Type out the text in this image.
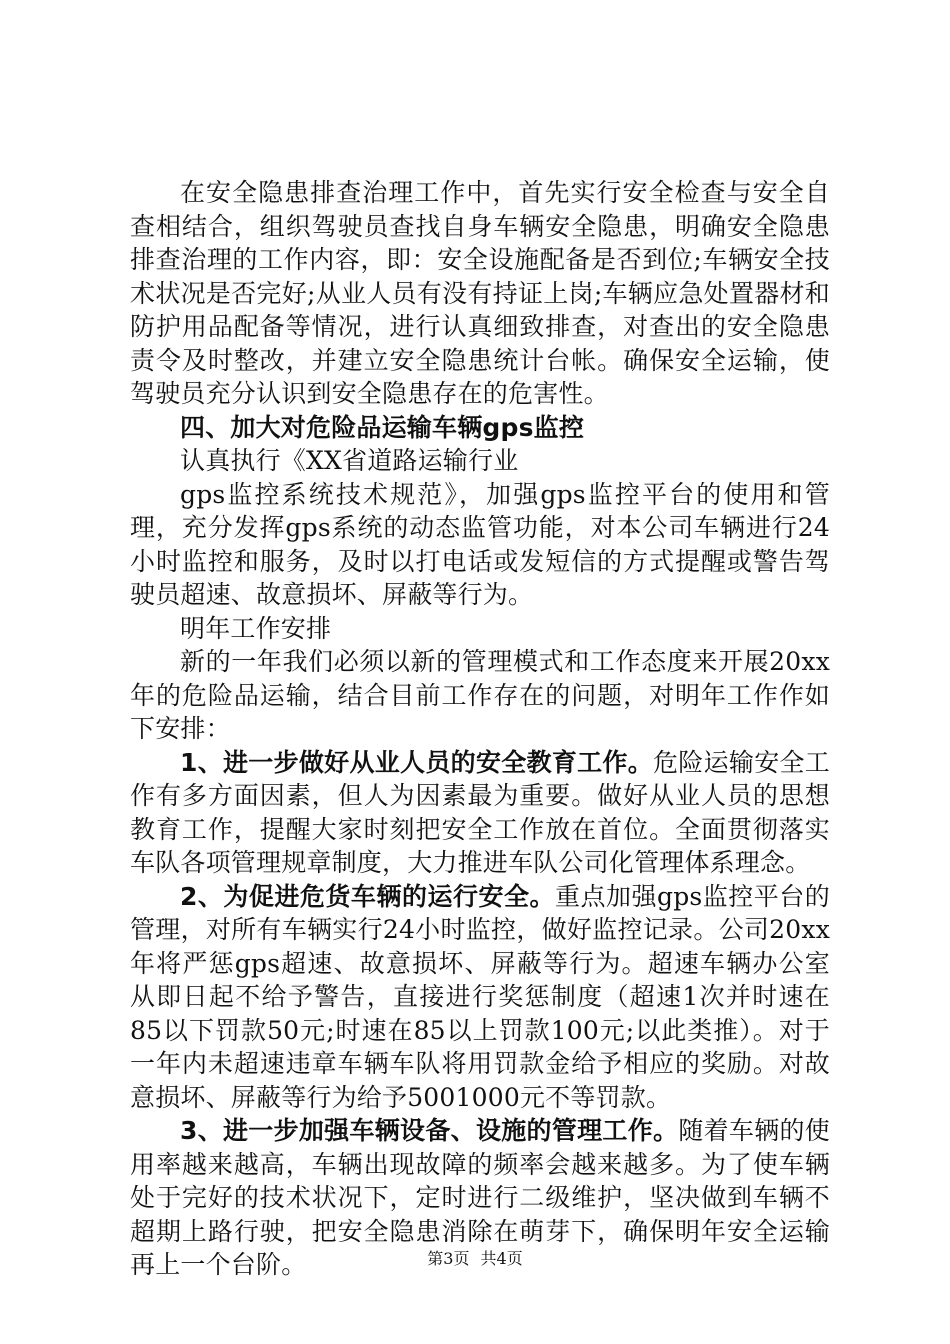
在安全隐患排查治理工作中，首先实行安全检查与安全自查相结合，组织驾驶员查找自身车辆安全隐患，明确安全隐患排查治理的工作内容，即：安全设施配备是否到位;车辆安全技术状况是否完好;从业人员有没有持证上岗;车辆应急处置器材和防护用品配备等情况，进行认真细致排查，对查出的安全隐患责令及时整改，并建立安全隐患统计台帐。确保安全运输，使驾驶员充分认识到安全隐患存在的危害性。

四、加大对危险品运输车辆gps监控

认真执行《XX省道路运输行业

gps监控系统技术规范》，加强gps监控平台的使用和管理，充分发挥gps系统的动态监管功能，对本公司车辆进行24小时监控和服务，及时以打电话或发短信的方式提醒或警告驾驶员超速、故意损坏、屏蔽等行为。

明年工作安排

新的一年我们必须以新的管理模式和工作态度来开展20xx年的危险品运输，结合目前工作存在的问题，对明年工作作如下安排：

1、进一步做好从业人员的安全教育工作。危险运输安全工作有多方面因素，但人为因素最为重要。做好从业人员的思想教育工作，提醒大家时刻把安全工作放在首位。全面贯彻落实车队各项管理规章制度，大力推进车队公司化管理体系理念。

2、为促进危货车辆的运行安全。重点加强gps监控平台的管理，对所有车辆实行24小时监控，做好监控记录。公司20xx年将严惩gps超速、故意损坏、屏蔽等行为。超速车辆办公室从即日起不给予警告，直接进行奖惩制度（超速1次并时速在85以下罚款50元;时速在85以上罚款100元;以此类推）。对于一年内未超速违章车辆车队将用罚款金给予相应的奖励。对故意损坏、屏蔽等行为给予5001000元不等罚款。

3、进一步加强车辆设备、设施的管理工作。随着车辆的使用率越来越高，车辆出现故障的频率会越来越多。为了使车辆处于完好的技术状况下，定时进行二级维护，坚决做到车辆不超期上路行驶，把安全隐患消除在萌芽下，确保明年安全运输再上一个台阶。	第3页 共4页
